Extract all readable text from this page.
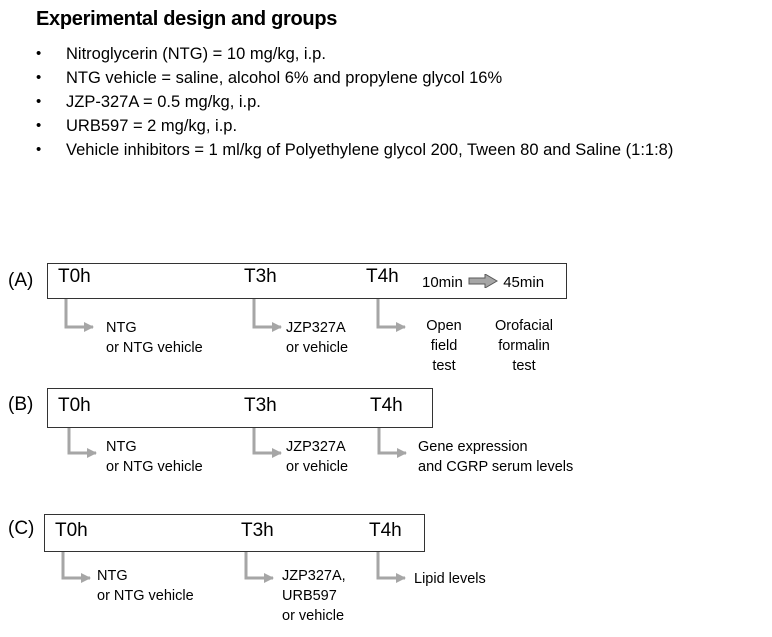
Experimental design and groups
• Nitroglycerin (NTG) = 10 mg/kg, i.p.
• NTG vehicle = saline, alcohol 6% and propylene glycol 16%
• JZP-327A = 0.5 mg/kg, i.p.
• URB597 = 2 mg/kg, i.p.
• Vehicle inhibitors = 1 ml/kg of Polyethylene glycol 200, Tween 80 and Saline (1:1:8)
(A) T0h	T3h	T4h 10min	45min
NTG
or NTG vehicle
JZP327A
or vehicle
Open
field
test
Orofacial
formalin
test
(B) T0h	T3h	T4h
NTG
or NTG vehicle
JZP327A
or vehicle
Gene expression
and CGRP serum levels
(C) T0h	T3h	T4h
NTG
or NTG vehicle
JZP327A,
URB597
or vehicle
Lipid levels
